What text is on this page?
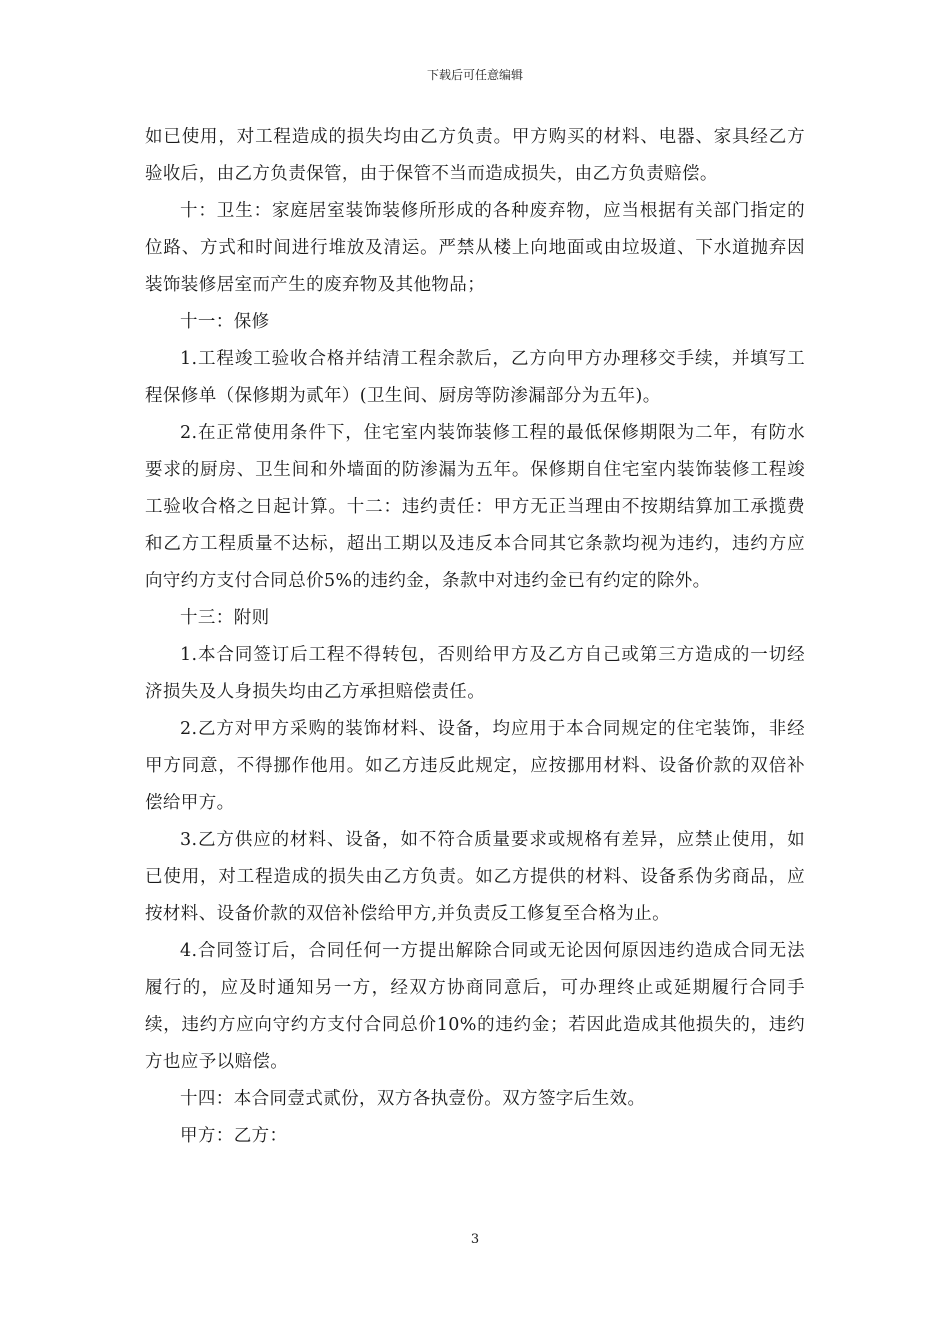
下载后可任意编辑

如已使用，对工程造成的损失均由乙方负责。甲方购买的材料、电器、家具经乙方验收后，由乙方负责保管，由于保管不当而造成损失，由乙方负责赔偿。

十：卫生：家庭居室装饰装修所形成的各种废弃物，应当根据有关部门指定的位路、方式和时间进行堆放及清运。严禁从楼上向地面或由垃圾道、下水道抛弃因装饰装修居室而产生的废弃物及其他物品；

十一：保修

1.工程竣工验收合格并结清工程余款后，乙方向甲方办理移交手续，并填写工程保修单（保修期为贰年）(卫生间、厨房等防渗漏部分为五年)。

2.在正常使用条件下，住宅室内装饰装修工程的最低保修期限为二年，有防水要求的厨房、卫生间和外墙面的防渗漏为五年。保修期自住宅室内装饰装修工程竣工验收合格之日起计算。十二：违约责任：甲方无正当理由不按期结算加工承揽费和乙方工程质量不达标，超出工期以及违反本合同其它条款均视为违约，违约方应向守约方支付合同总价5%的违约金，条款中对违约金已有约定的除外。

十三：附则

1.本合同签订后工程不得转包，否则给甲方及乙方自己或第三方造成的一切经济损失及人身损失均由乙方承担赔偿责任。

2.乙方对甲方采购的装饰材料、设备，均应用于本合同规定的住宅装饰，非经甲方同意，不得挪作他用。如乙方违反此规定，应按挪用材料、设备价款的双倍补偿给甲方。

3.乙方供应的材料、设备，如不符合质量要求或规格有差异，应禁止使用，如已使用，对工程造成的损失由乙方负责。如乙方提供的材料、设备系伪劣商品，应按材料、设备价款的双倍补偿给甲方,并负责反工修复至合格为止。

4.合同签订后，合同任何一方提出解除合同或无论因何原因违约造成合同无法履行的，应及时通知另一方，经双方协商同意后，可办理终止或延期履行合同手续，违约方应向守约方支付合同总价10%的违约金；若因此造成其他损失的，违约方也应予以赔偿。

十四：本合同壹式贰份，双方各执壹份。双方签字后生效。

甲方：乙方：

3
